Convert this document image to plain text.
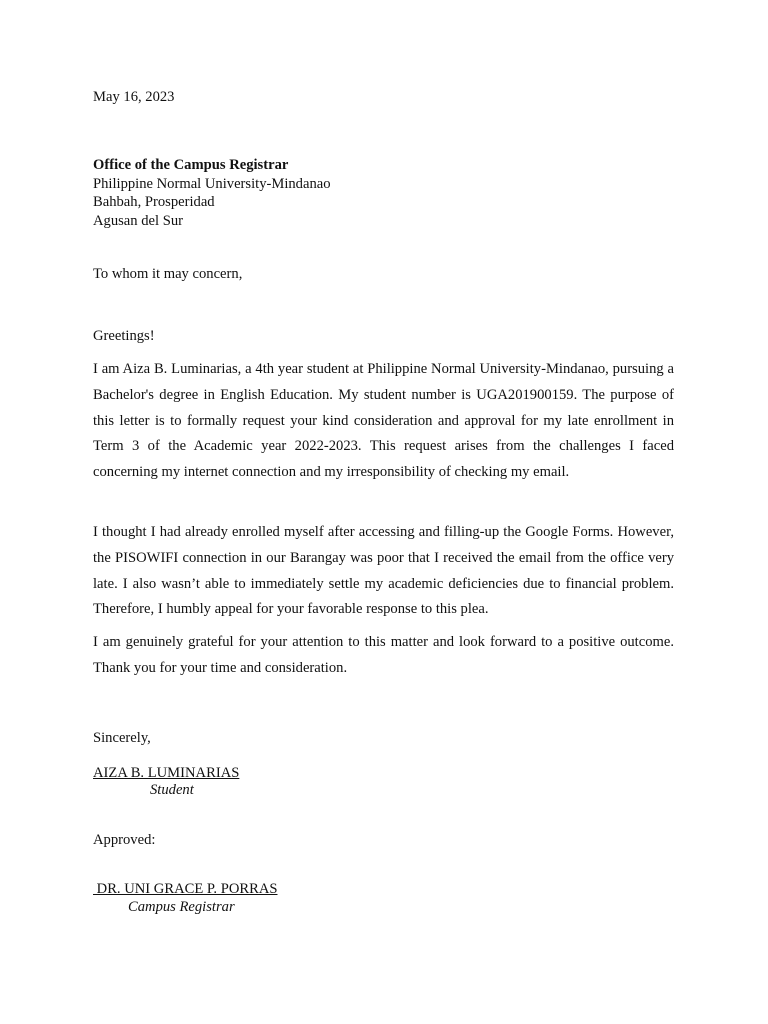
May 16, 2023
Office of the Campus Registrar
Philippine Normal University-Mindanao
Bahbah, Prosperidad
Agusan del Sur
To whom it may concern,
Greetings!
I am Aiza B. Luminarias, a 4th year student at Philippine Normal University-Mindanao, pursuing a Bachelor's degree in English Education. My student number is UGA201900159. The purpose of this letter is to formally request your kind consideration and approval for my late enrollment in Term 3 of the Academic year 2022-2023. This request arises from the challenges I faced concerning my internet connection and my irresponsibility of checking my email.
I thought I had already enrolled myself after accessing and filling-up the Google Forms. However, the PISOWIFI connection in our Barangay was poor that I received the email from the office very late. I also wasn’t able to immediately settle my academic deficiencies due to financial problem. Therefore, I humbly appeal for your favorable response to this plea.
I am genuinely grateful for your attention to this matter and look forward to a positive outcome. Thank you for your time and consideration.
Sincerely,
AIZA B. LUMINARIAS
Student
Approved:
DR. UNI GRACE P. PORRAS
Campus Registrar
